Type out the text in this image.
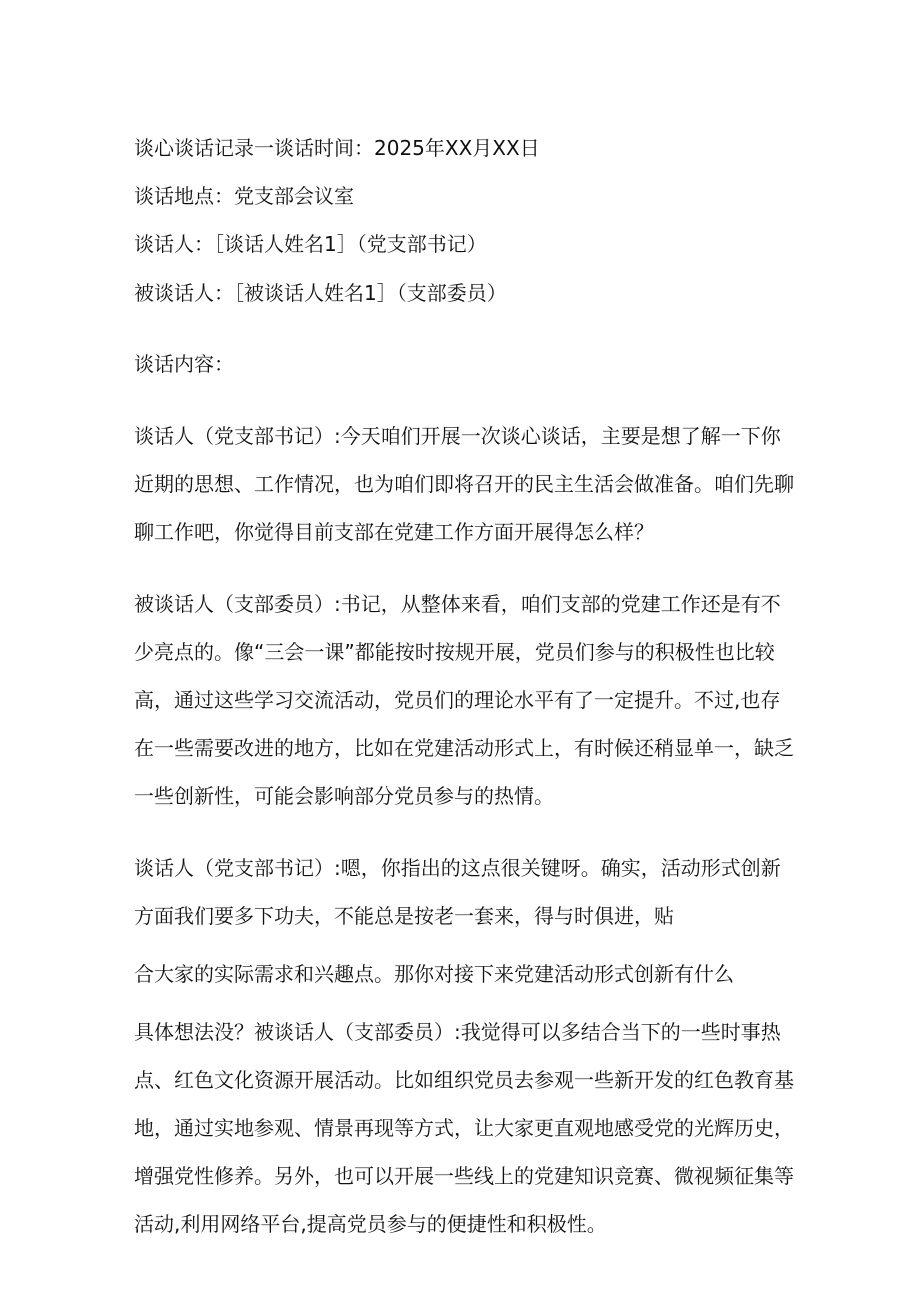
谈心谈话记录一谈话时间：2025年XX月XX日
谈话地点：党支部会议室
谈话人：［谈话人姓名1］（党支部书记）
被谈话人：［被谈话人姓名1］（支部委员）
谈话内容：
谈话人（党支部书记）:今天咱们开展一次谈心谈话，主要是想了解一下你
近期的思想、工作情况，也为咱们即将召开的民主生活会做准备。咱们先聊
聊工作吧，你觉得目前支部在党建工作方面开展得怎么样？
被谈话人（支部委员）:书记，从整体来看，咱们支部的党建工作还是有不
少亮点的。像“三会一课”都能按时按规开展，党员们参与的积极性也比较
高，通过这些学习交流活动，党员们的理论水平有了一定提升。不过,也存
在一些需要改进的地方，比如在党建活动形式上，有时候还稍显单一，缺乏
一些创新性，可能会影响部分党员参与的热情。
谈话人（党支部书记）:嗯，你指出的这点很关键呀。确实，活动形式创新
方面我们要多下功夫，不能总是按老一套来，得与时俱进，贴
合大家的实际需求和兴趣点。那你对接下来党建活动形式创新有什么
具体想法没？被谈话人（支部委员）:我觉得可以多结合当下的一些时事热
点、红色文化资源开展活动。比如组织党员去参观一些新开发的红色教育基
地，通过实地参观、情景再现等方式，让大家更直观地感受党的光辉历史，
增强党性修养。另外，也可以开展一些线上的党建知识竞赛、微视频征集等
活动,利用网络平台,提高党员参与的便捷性和积极性。
